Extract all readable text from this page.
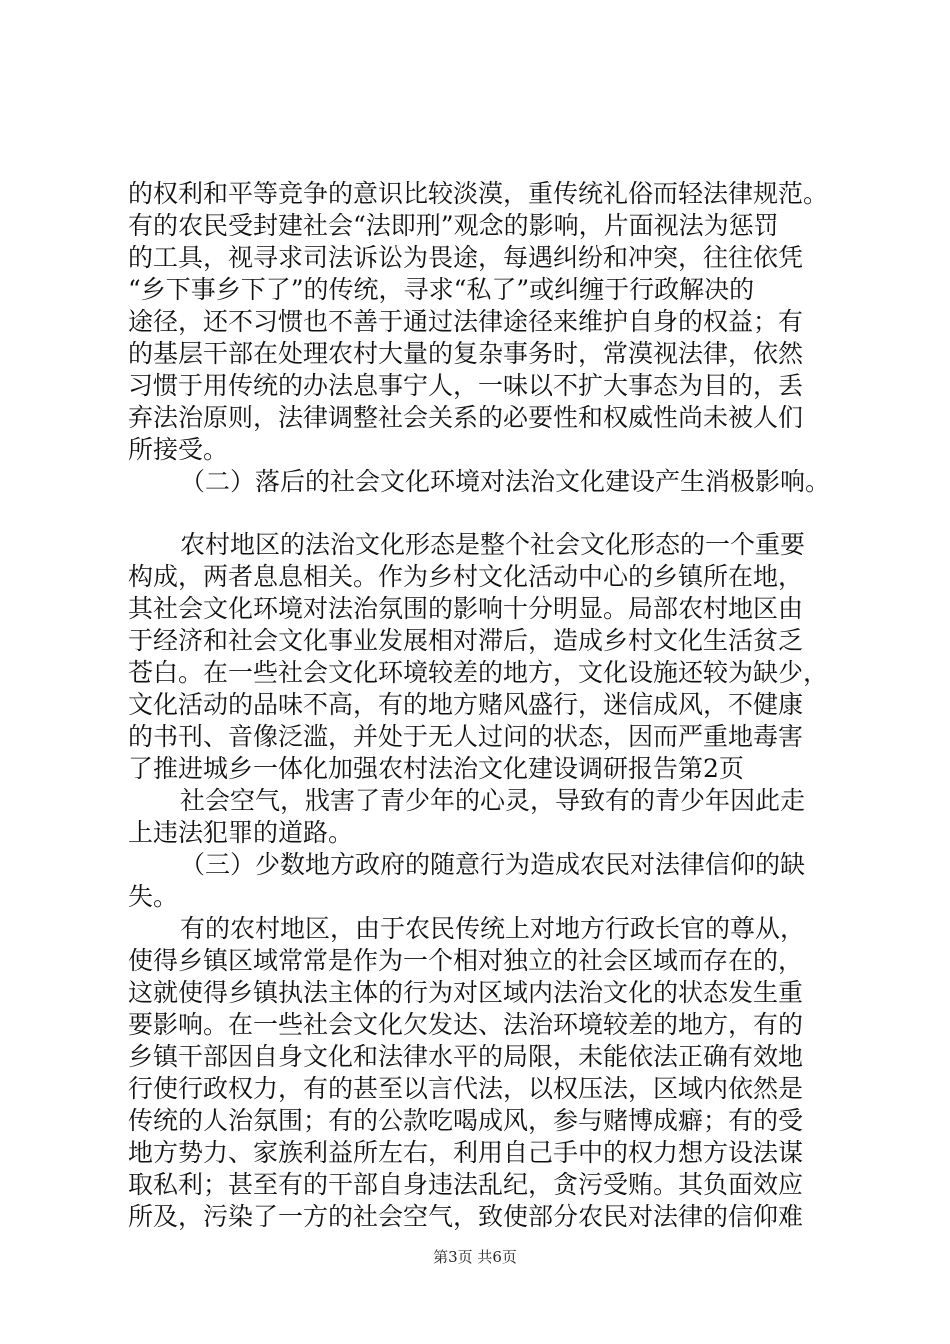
的权利和平等竞争的意识比较淡漠，重传统礼俗而轻法律规范。

有的农民受封建社会“法即刑”观念的影响，片面视法为惩罚

的工具，视寻求司法诉讼为畏途，每遇纠纷和冲突，往往依凭

“乡下事乡下了”的传统，寻求“私了”或纠缠于行政解决的

途径，还不习惯也不善于通过法律途径来维护自身的权益；有

的基层干部在处理农村大量的复杂事务时，常漠视法律，依然

习惯于用传统的办法息事宁人，一味以不扩大事态为目的，丢

弃法治原则，法律调整社会关系的必要性和权威性尚未被人们

所接受。

（二）落后的社会文化环境对法治文化建设产生消极影响。

农村地区的法治文化形态是整个社会文化形态的一个重要

构成，两者息息相关。作为乡村文化活动中心的乡镇所在地，

其社会文化环境对法治氛围的影响十分明显。局部农村地区由

于经济和社会文化事业发展相对滞后，造成乡村文化生活贫乏

苍白。在一些社会文化环境较差的地方，文化设施还较为缺少，

文化活动的品味不高，有的地方赌风盛行，迷信成风，不健康

的书刊、音像泛滥，并处于无人过问的状态，因而严重地毒害

了推进城乡一体化加强农村法治文化建设调研报告第2页

社会空气，戕害了青少年的心灵，导致有的青少年因此走

上违法犯罪的道路。

（三）少数地方政府的随意行为造成农民对法律信仰的缺

失。

有的农村地区，由于农民传统上对地方行政长官的尊从，

使得乡镇区域常常是作为一个相对独立的社会区域而存在的，

这就使得乡镇执法主体的行为对区域内法治文化的状态发生重

要影响。在一些社会文化欠发达、法治环境较差的地方，有的

乡镇干部因自身文化和法律水平的局限，未能依法正确有效地

行使行政权力，有的甚至以言代法，以权压法，区域内依然是

传统的人治氛围；有的公款吃喝成风，参与赌博成癖；有的受

地方势力、家族利益所左右，利用自己手中的权力想方设法谋

取私利；甚至有的干部自身违法乱纪，贪污受贿。其负面效应

所及，污染了一方的社会空气，致使部分农民对法律的信仰难

第3页 共6页
